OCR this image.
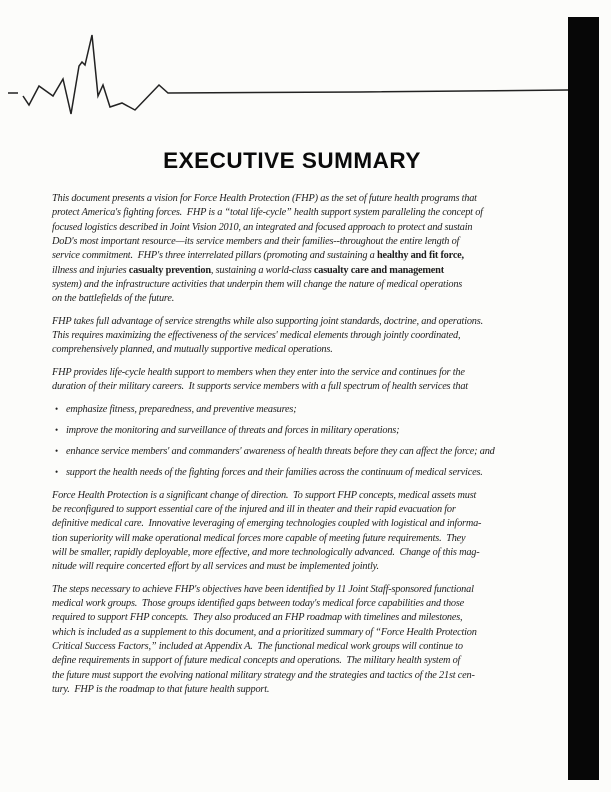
EXECUTIVE SUMMARY
This document presents a vision for Force Health Protection (FHP) as the set of future health programs that
protect America's fighting forces.  FHP is a “total life-cycle” health support system paralleling the concept of
focused logistics described in Joint Vision 2010, an integrated and focused approach to protect and sustain
DoD's most important resource—its service members and their families--throughout the entire length of
service commitment.  FHP's three interrelated pillars (promoting and sustaining a healthy and fit force,
illness and injuries casualty prevention, sustaining a world-class casualty care and management
system) and the infrastructure activities that underpin them will change the nature of medical operations
on the battlefields of the future.
FHP takes full advantage of service strengths while also supporting joint standards, doctrine, and operations.
This requires maximizing the effectiveness of the services' medical elements through jointly coordinated,
comprehensively planned, and mutually supportive medical operations.
FHP provides life-cycle health support to members when they enter into the service and continues for the
duration of their military careers.  It supports service members with a full spectrum of health services that
• emphasize fitness, preparedness, and preventive measures;
• improve the monitoring and surveillance of threats and forces in military operations;
• enhance service members' and commanders' awareness of health threats before they can affect the force; and
• support the health needs of the fighting forces and their families across the continuum of medical services.
Force Health Protection is a significant change of direction.  To support FHP concepts, medical assets must
be reconfigured to support essential care of the injured and ill in theater and their rapid evacuation for
definitive medical care.  Innovative leveraging of emerging technologies coupled with logistical and informa-
tion superiority will make operational medical forces more capable of meeting future requirements.  They
will be smaller, rapidly deployable, more effective, and more technologically advanced.  Change of this mag-
nitude will require concerted effort by all services and must be implemented jointly.
The steps necessary to achieve FHP's objectives have been identified by 11 Joint Staff-sponsored functional
medical work groups.  Those groups identified gaps between today's medical force capabilities and those
required to support FHP concepts.  They also produced an FHP roadmap with timelines and milestones,
which is included as a supplement to this document, and a prioritized summary of “Force Health Protection
Critical Success Factors,” included at Appendix A.  The functional medical work groups will continue to
define requirements in support of future medical concepts and operations.  The military health system of
the future must support the evolving national military strategy and the strategies and tactics of the 21st cen-
tury.  FHP is the roadmap to that future health support.
